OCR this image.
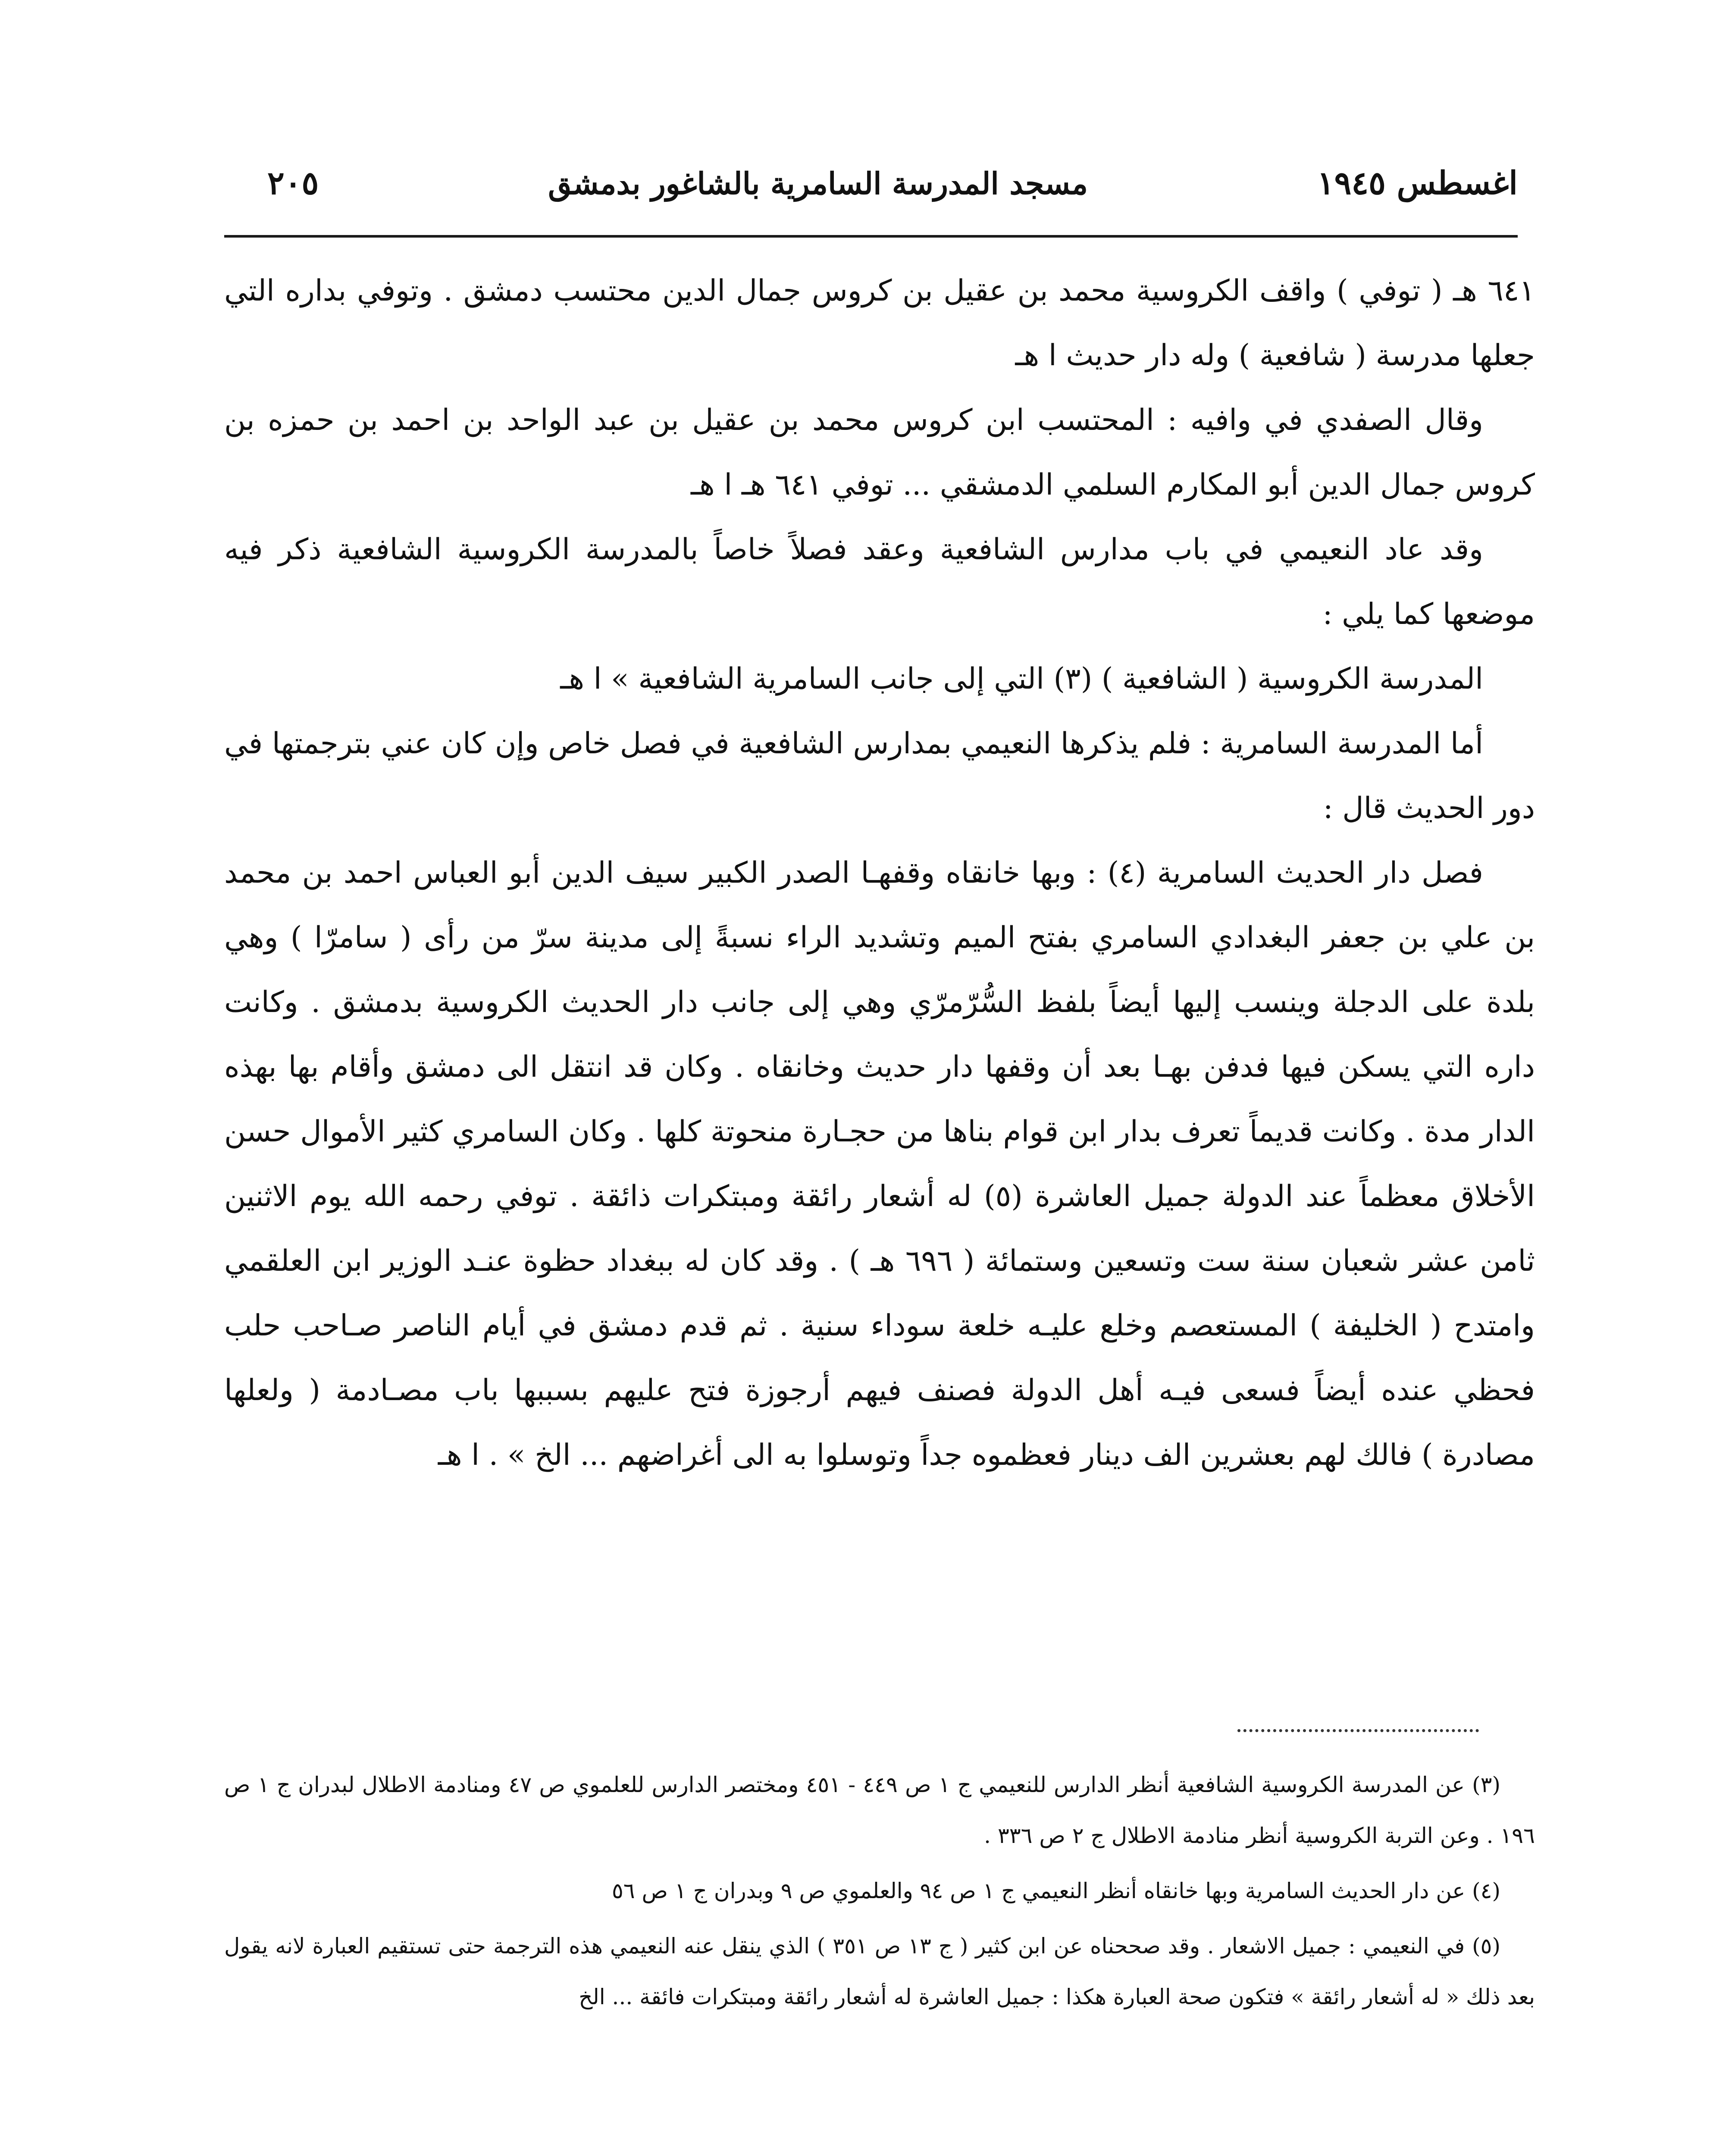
اغسطس ١٩٤٥
مسجد المدرسة السامرية بالشاغور بدمشق
٢٠٥

٦٤١ هـ ( توفي ) واقف الكروسية محمد بن عقيل بن كروس جمال الدين محتسب دمشق . وتوفي بداره التي جعلها مدرسة ( شافعية ) وله دار حديث ا هـ

وقال الصفدي في وافيه : المحتسب ابن كروس محمد بن عقيل بن عبد الواحد بن احمد بن حمزه بن كروس جمال الدين أبو المكارم السلمي الدمشقي ... توفي ٦٤١ هـ ا هـ

وقد عاد النعيمي في باب مدارس الشافعية وعقد فصلاً خاصاً بالمدرسة الكروسية الشافعية ذكر فيه موضعها كما يلي :

المدرسة الكروسية ( الشافعية ) (٣) التي إلى جانب السامرية الشافعية » ا هـ

أما المدرسة السامرية : فلم يذكرها النعيمي بمدارس الشافعية في فصل خاص وإن كان عني بترجمتها في دور الحديث قال :

فصل دار الحديث السامرية (٤) : وبها خانقاه وقفهـا الصدر الكبير سيف الدين أبو العباس احمد بن محمد بن علي بن جعفر البغدادي السامري بفتح الميم وتشديد الراء نسبةً إلى مدينة سرّ من رأى ( سامرّا ) وهي بلدة على الدجلة وينسب إليها أيضاً بلفظ السُّرّمرّي وهي إلى جانب دار الحديث الكروسية بدمشق . وكانت داره التي يسكن فيها فدفن بهـا بعد أن وقفها دار حديث وخانقاه . وكان قد انتقل الى دمشق وأقام بها بهذه الدار مدة . وكانت قديماً تعرف بدار ابن قوام بناها من حجـارة منحوتة كلها . وكان السامري كثير الأموال حسن الأخلاق معظماً عند الدولة جميل العاشرة (٥) له أشعار رائقة ومبتكرات ذائقة . توفي رحمه الله يوم الاثنين ثامن عشر شعبان سنة ست وتسعين وستمائة ( ٦٩٦ هـ ) . وقد كان له ببغداد حظوة عنـد الوزير ابن العلقمي وامتدح ( الخليفة ) المستعصم وخلع عليـه خلعة سوداء سنية . ثم قدم دمشق في أيام الناصر صـاحب حلب فحظي عنده أيضاً فسعى فيـه أهل الدولة فصنف فيهم أرجوزة فتح عليهم بسببها باب مصـادمة ( ولعلها مصادرة ) فالك لهم بعشرين الف دينار فعظموه جداً وتوسلوا به الى أغراضهم ... الخ » . ا هـ

(٣) عن المدرسة الكروسية الشافعية أنظر الدارس للنعيمي ج ١ ص ٤٤٩ - ٤٥١ ومختصر الدارس للعلموي ص ٤٧ ومنادمة الاطلال لبدران ج ١ ص ١٩٦ . وعن التربة الكروسية أنظر منادمة الاطلال ج ٢ ص ٣٣٦ .

(٤) عن دار الحديث السامرية وبها خانقاه أنظر النعيمي ج ١ ص ٩٤ والعلموي ص ٩ وبدران ج ١ ص ٥٦

(٥) في النعيمي : جميل الاشعار . وقد صححناه عن ابن كثير ( ج ١٣ ص ٣٥١ ) الذي ينقل عنه النعيمي هذه الترجمة حتى تستقيم العبارة لانه يقول بعد ذلك « له أشعار رائقة » فتكون صحة العبارة هكذا : جميل العاشرة له أشعار رائقة ومبتكرات فائقة ... الخ
